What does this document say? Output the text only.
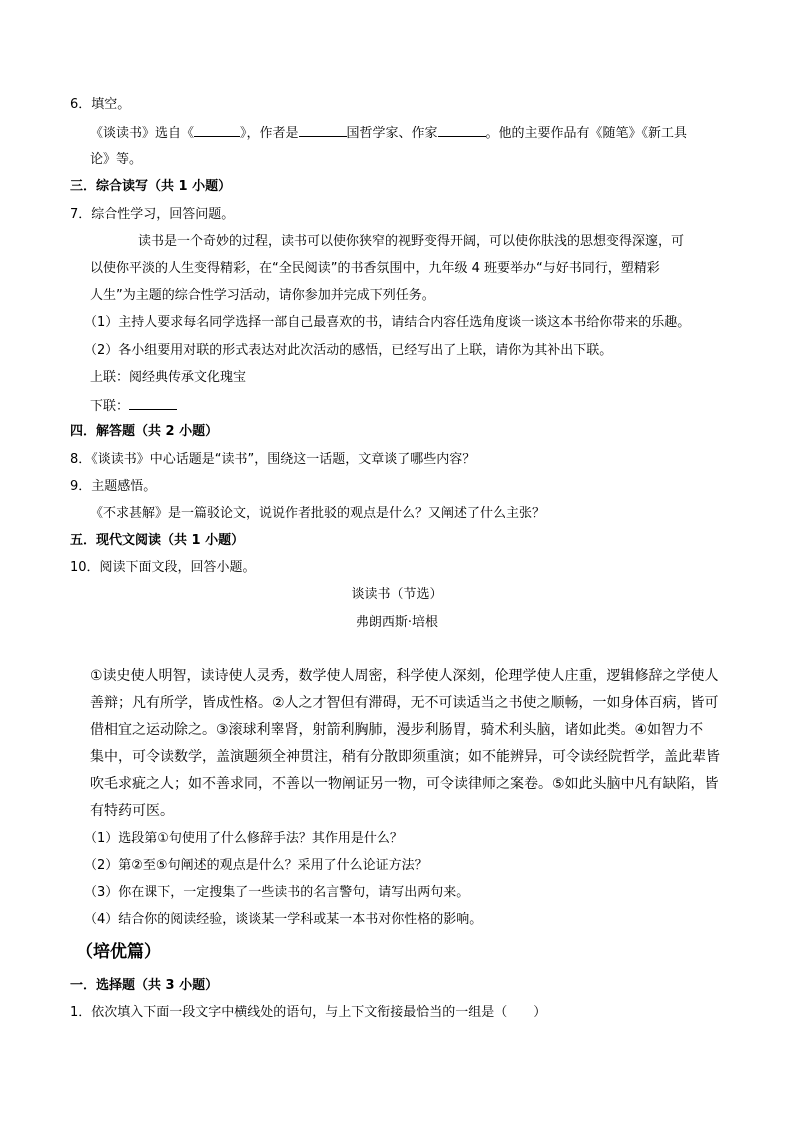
6．填空。
《谈读书》选自《	》，作者是	国哲学家、作家	。他的主要作品有《随笔》《新工具
论》等。
三．综合读写（共 1 小题）
7．综合性学习，回答问题。
读书是一个奇妙的过程，读书可以使你狭窄的视野变得开阔，可以使你肤浅的思想变得深邃，可
以使你平淡的人生变得精彩，在“全民阅读”的书香氛围中，九年级 4 班要举办“与好书同行，塑精彩
人生”为主题的综合性学习活动，请你参加并完成下列任务。
（1）主持人要求每名同学选择一部自己最喜欢的书，请结合内容任选角度谈一谈这本书给你带来的乐趣。
（2）各小组要用对联的形式表达对此次活动的感悟，已经写出了上联，请你为其补出下联。
上联：阅经典传承文化瑰宝
下联：
四．解答题（共 2 小题）
8．《谈读书》中心话题是“读书”，围绕这一话题，文章谈了哪些内容？
9．主题感悟。
《不求甚解》是一篇驳论文，说说作者批驳的观点是什么？又阐述了什么主张？
五．现代文阅读（共 1 小题）
10．阅读下面文段，回答小题。
谈读书（节选）
弗朗西斯·培根
①读史使人明智，读诗使人灵秀，数学使人周密，科学使人深刻，伦理学使人庄重，逻辑修辞之学使人
善辩；凡有所学，皆成性格。②人之才智但有滞碍，无不可读适当之书使之顺畅，一如身体百病，皆可
借相宜之运动除之。③滚球利睾肾，射箭利胸肺，漫步利肠胃，骑术利头脑，诸如此类。④如智力不
集中，可令读数学，盖演题须全神贯注，稍有分散即须重演；如不能辨异，可令读经院哲学，盖此辈皆
吹毛求疵之人；如不善求同，不善以一物阐证另一物，可令读律师之案卷。⑤如此头脑中凡有缺陷，皆
有特药可医。
（1）选段第①句使用了什么修辞手法？其作用是什么？
（2）第②至⑤句阐述的观点是什么？采用了什么论证方法？
（3）你在课下，一定搜集了一些读书的名言警句，请写出两句来。
（4）结合你的阅读经验，谈谈某一学科或某一本书对你性格的影响。
（培优篇）
一．选择题（共 3 小题）
1．依次填入下面一段文字中横线处的语句，与上下文衔接最恰当的一组是（　　）
